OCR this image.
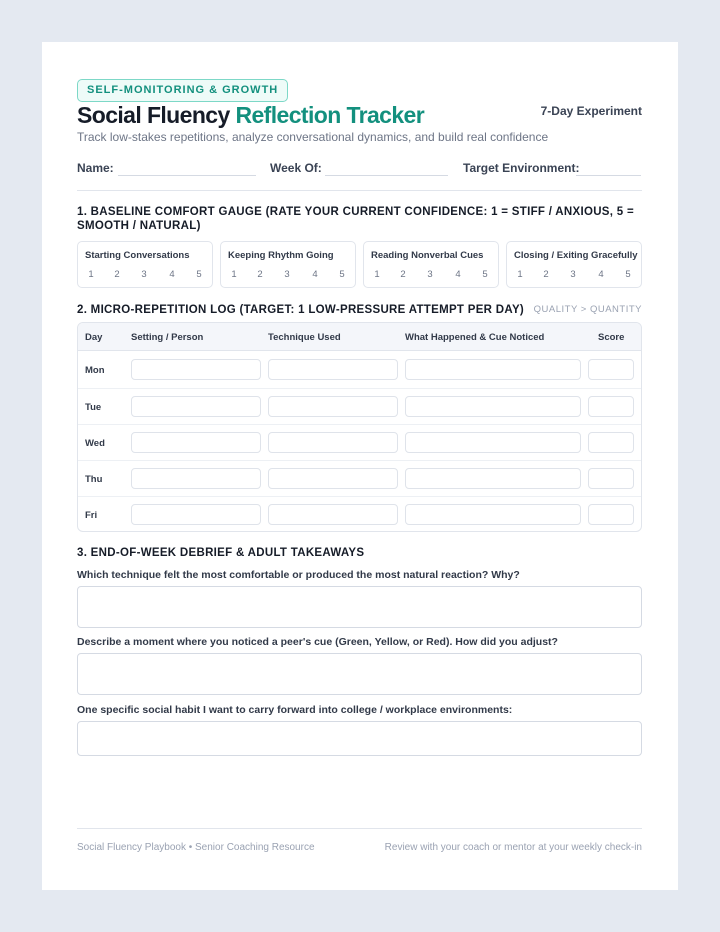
SELF-MONITORING & GROWTH
Social Fluency Reflection Tracker	7-Day Experiment
Track low-stakes repetitions, analyze conversational dynamics, and build real confidence
Name:	Week Of:	Target Environment:
1. BASELINE COMFORT GAUGE (RATE YOUR CURRENT CONFIDENCE: 1 = STIFF / ANXIOUS, 5 = SMOOTH / NATURAL)
Starting Conversations
1 2 3 4 5
Keeping Rhythm Going
1 2 3 4 5
Reading Nonverbal Cues
1 2 3 4 5
Closing / Exiting Gracefully
1 2 3 4 5
2. MICRO-REPETITION LOG (TARGET: 1 LOW-PRESSURE ATTEMPT PER DAY) QUALITY > QUANTITY
Day	Setting / Person	Technique Used	What Happened & Cue Noticed	Score
Mon
Tue
Wed
Thu
Fri
3. END-OF-WEEK DEBRIEF & ADULT TAKEAWAYS
Which technique felt the most comfortable or produced the most natural reaction? Why?
Describe a moment where you noticed a peer's cue (Green, Yellow, or Red). How did you adjust?
One specific social habit I want to carry forward into college / workplace environments:
Social Fluency Playbook • Senior Coaching Resource	Review with your coach or mentor at your weekly check-in
